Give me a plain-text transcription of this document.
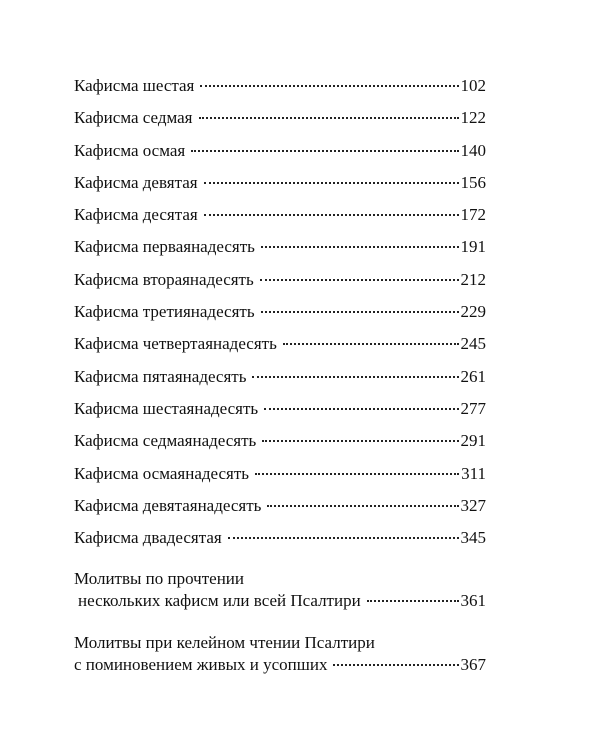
Кафисма шестая	102
Кафисма седмая	122
Кафисма осмая	140
Кафисма девятая	156
Кафисма десятая	172
Кафисма перваянадесять	191
Кафисма втораянадесять	212
Кафисма третиянадесять	229
Кафисма четвертаянадесять	245
Кафисма пятаянадесять	261
Кафисма шестаянадесять	277
Кафисма седмаянадесять	291
Кафисма осмаянадесять	311
Кафисма девятаянадесять	327
Кафисма двадесятая	345
Молитвы по прочтении
нескольких кафисм или всей Псалтири	361
Молитвы при келейном чтении Псалтири
с поминовением живых и усопших	367
